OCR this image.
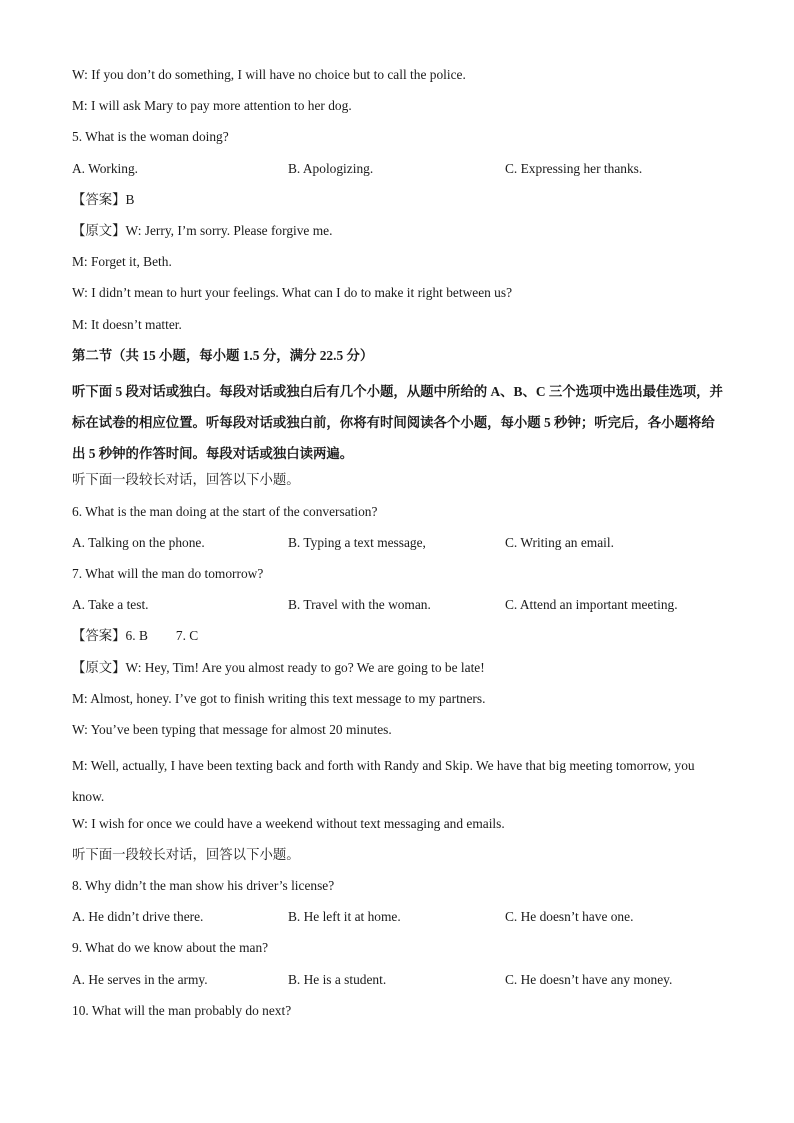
W: If you don’t do something, I will have no choice but to call the police.
M: I will ask Mary to pay more attention to her dog.
5. What is the woman doing?
A. Working.	B. Apologizing.	C. Expressing her thanks.
【答案】B
【原文】W: Jerry, I’m sorry. Please forgive me.
M: Forget it, Beth.
W: I didn’t mean to hurt your feelings. What can I do to make it right between us?
M: It doesn’t matter.
第二节（共 15 小题，每小题 1.5 分，满分 22.5 分）
听下面 5 段对话或独白。每段对话或独白后有几个小题，从题中所给的 A、B、C 三个选项中选出最佳选项，并标在试卷的相应位置。听每段对话或独白前，你将有时间阅读各个小题，每小题 5 秒钟；听完后，各小题将给出 5 秒钟的作答时间。每段对话或独白读两遍。
听下面一段较长对话，回答以下小题。
6. What is the man doing at the start of the conversation?
A. Talking on the phone.	B. Typing a text message,	C. Writing an email.
7. What will the man do tomorrow?
A. Take a test.	B. Travel with the woman.	C. Attend an important meeting.
【答案】6. B 7. C
【原文】W: Hey, Tim! Are you almost ready to go? We are going to be late!
M: Almost, honey. I’ve got to finish writing this text message to my partners.
W: You’ve been typing that message for almost 20 minutes.
M: Well, actually, I have been texting back and forth with Randy and Skip. We have that big meeting tomorrow, you know.
W: I wish for once we could have a weekend without text messaging and emails.
听下面一段较长对话，回答以下小题。
8. Why didn’t the man show his driver’s license?
A. He didn’t drive there.	B. He left it at home.	C. He doesn’t have one.
9. What do we know about the man?
A. He serves in the army.	B. He is a student.	C. He doesn’t have any money.
10. What will the man probably do next?
